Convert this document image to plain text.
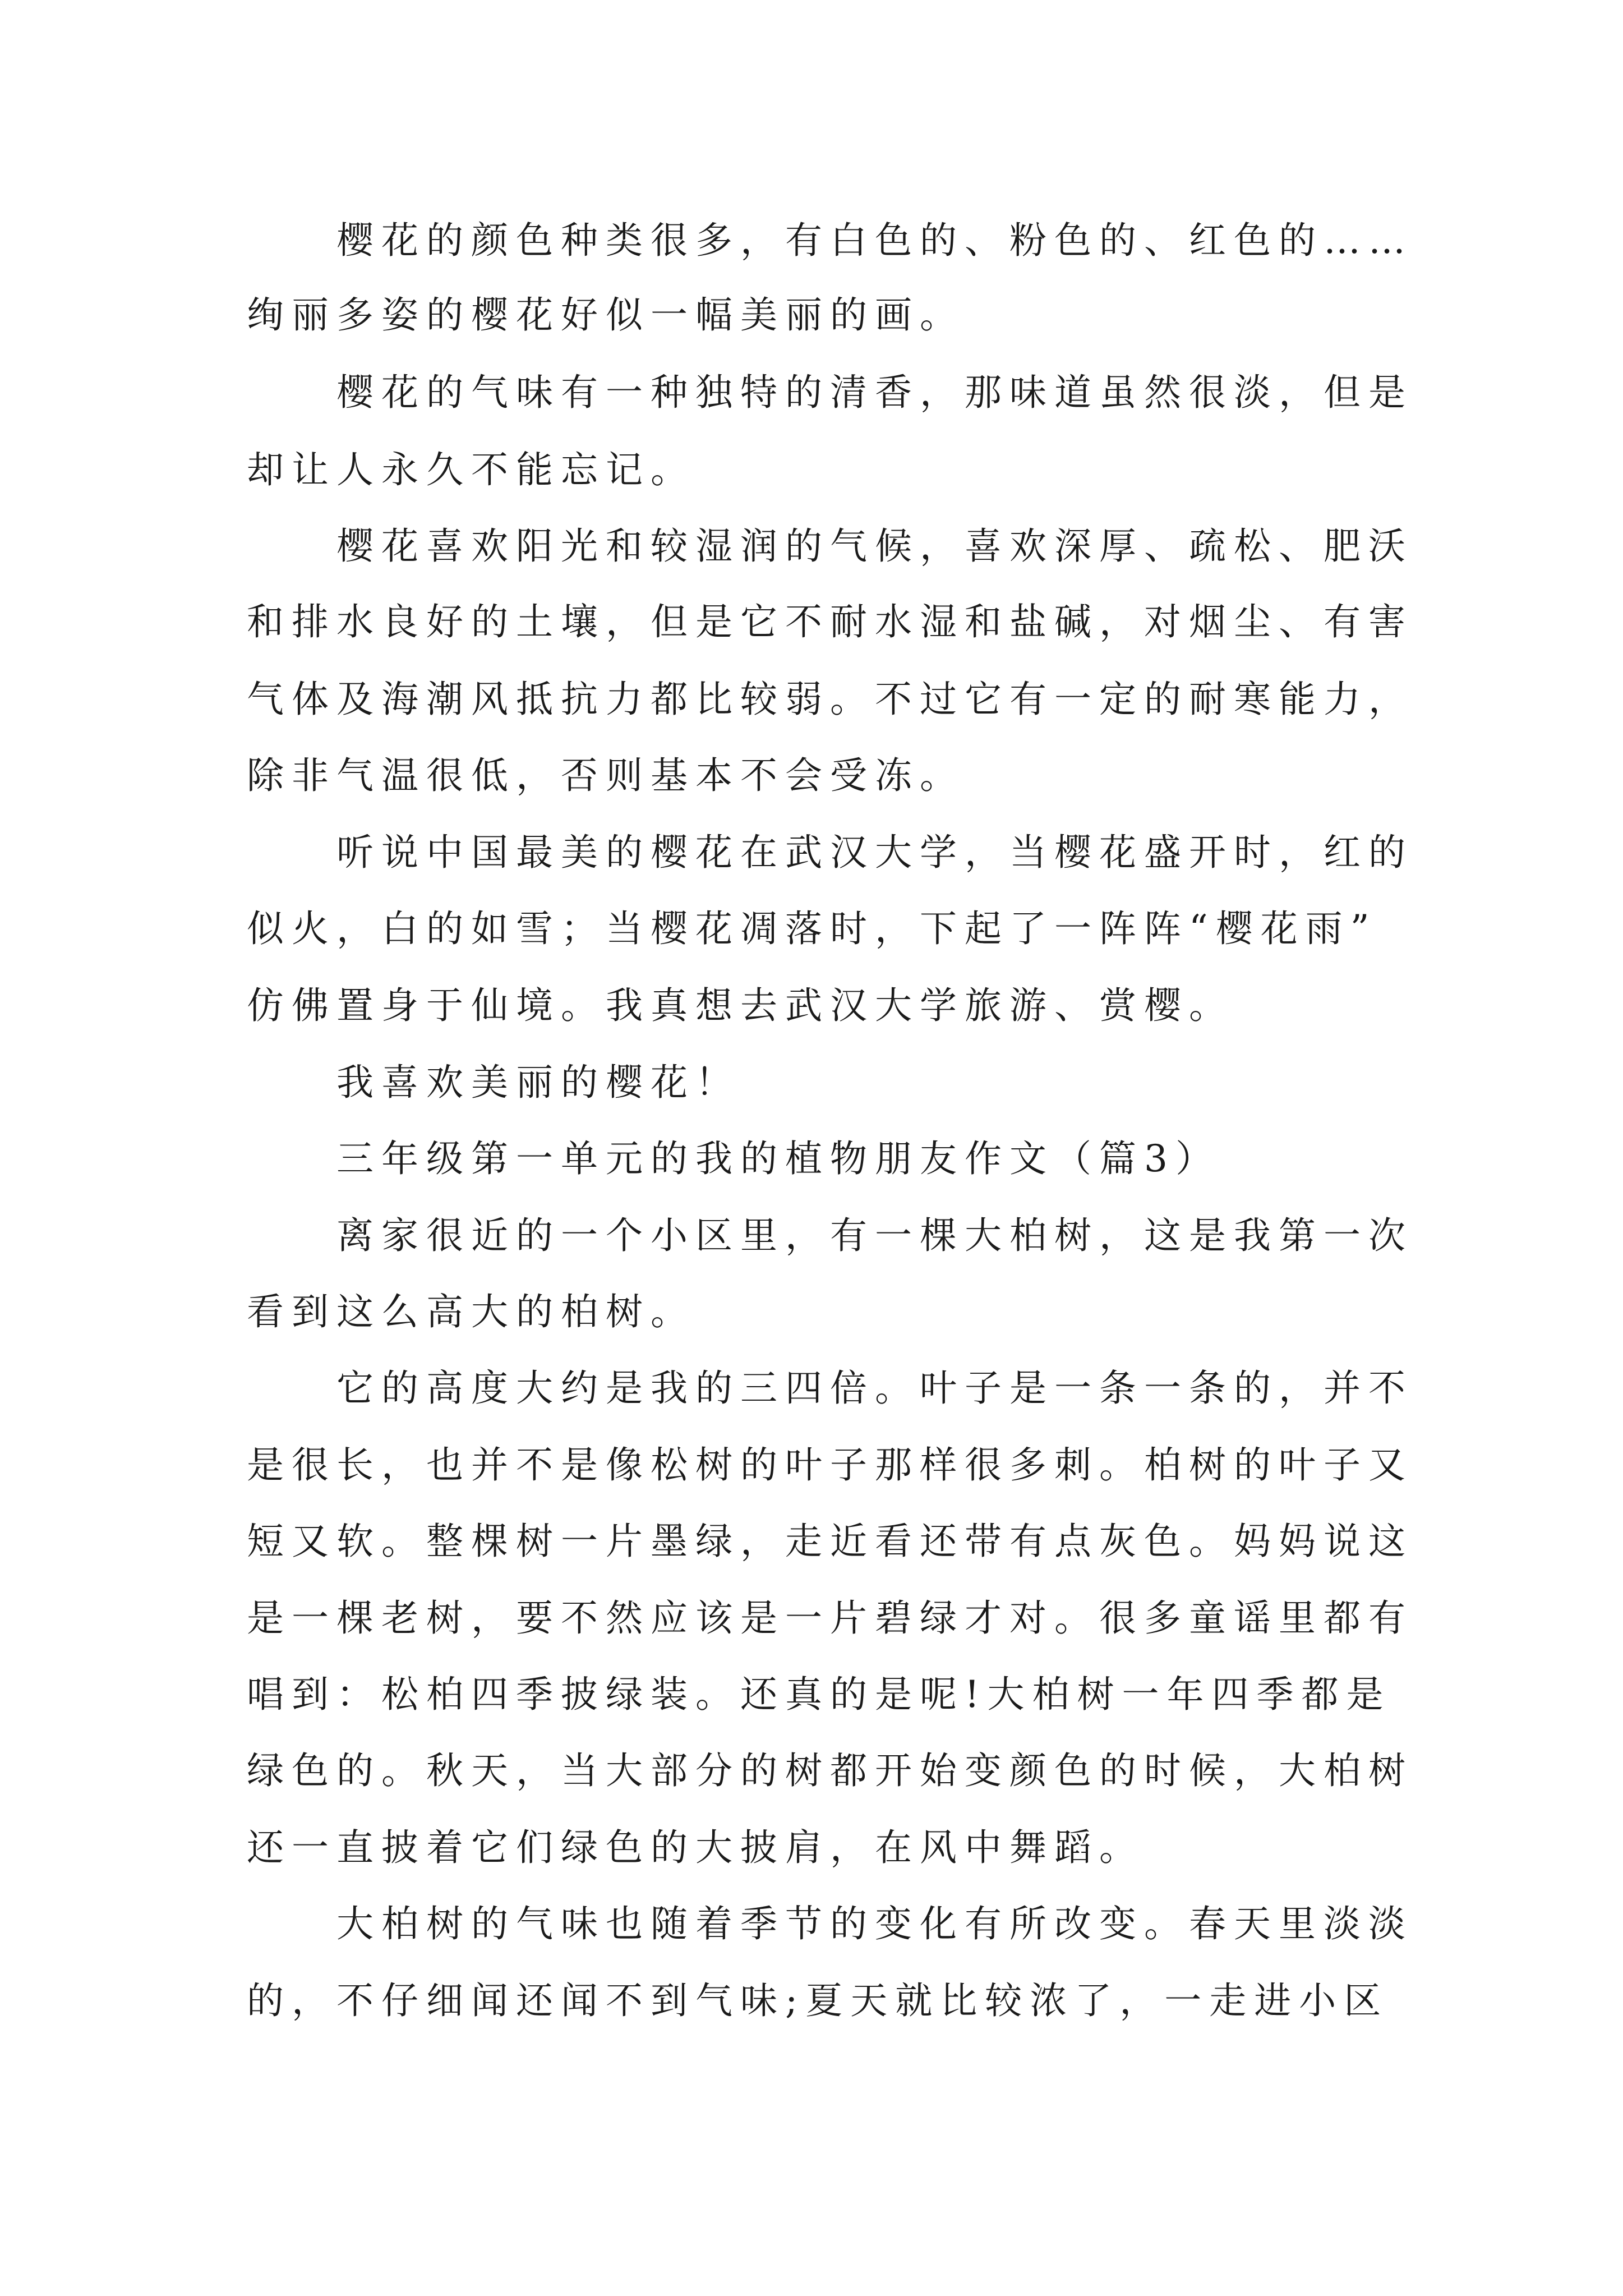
樱花的颜色种类很多，有白色的、粉色的、红色的……
绚丽多姿的樱花好似一幅美丽的画。
樱花的气味有一种独特的清香，那味道虽然很淡，但是
却让人永久不能忘记。
樱花喜欢阳光和较湿润的气候，喜欢深厚、疏松、肥沃
和排水良好的土壤，但是它不耐水湿和盐碱，对烟尘、有害
气体及海潮风抵抗力都比较弱。不过它有一定的耐寒能力，
除非气温很低，否则基本不会受冻。
听说中国最美的樱花在武汉大学，当樱花盛开时，红的
似火，白的如雪；当樱花凋落时，下起了一阵阵“樱花雨”
仿佛置身于仙境。我真想去武汉大学旅游、赏樱。
我喜欢美丽的樱花！
三年级第一单元的我的植物朋友作文（篇3）
离家很近的一个小区里，有一棵大柏树，这是我第一次
看到这么高大的柏树。
它的高度大约是我的三四倍。叶子是一条一条的，并不
是很长，也并不是像松树的叶子那样很多刺。柏树的叶子又
短又软。整棵树一片墨绿，走近看还带有点灰色。妈妈说这
是一棵老树，要不然应该是一片碧绿才对。很多童谣里都有
唱到：松柏四季披绿装。还真的是呢!大柏树一年四季都是
绿色的。秋天，当大部分的树都开始变颜色的时候，大柏树
还一直披着它们绿色的大披肩，在风中舞蹈。
大柏树的气味也随着季节的变化有所改变。春天里淡淡
的，不仔细闻还闻不到气味;夏天就比较浓了，一走进小区
